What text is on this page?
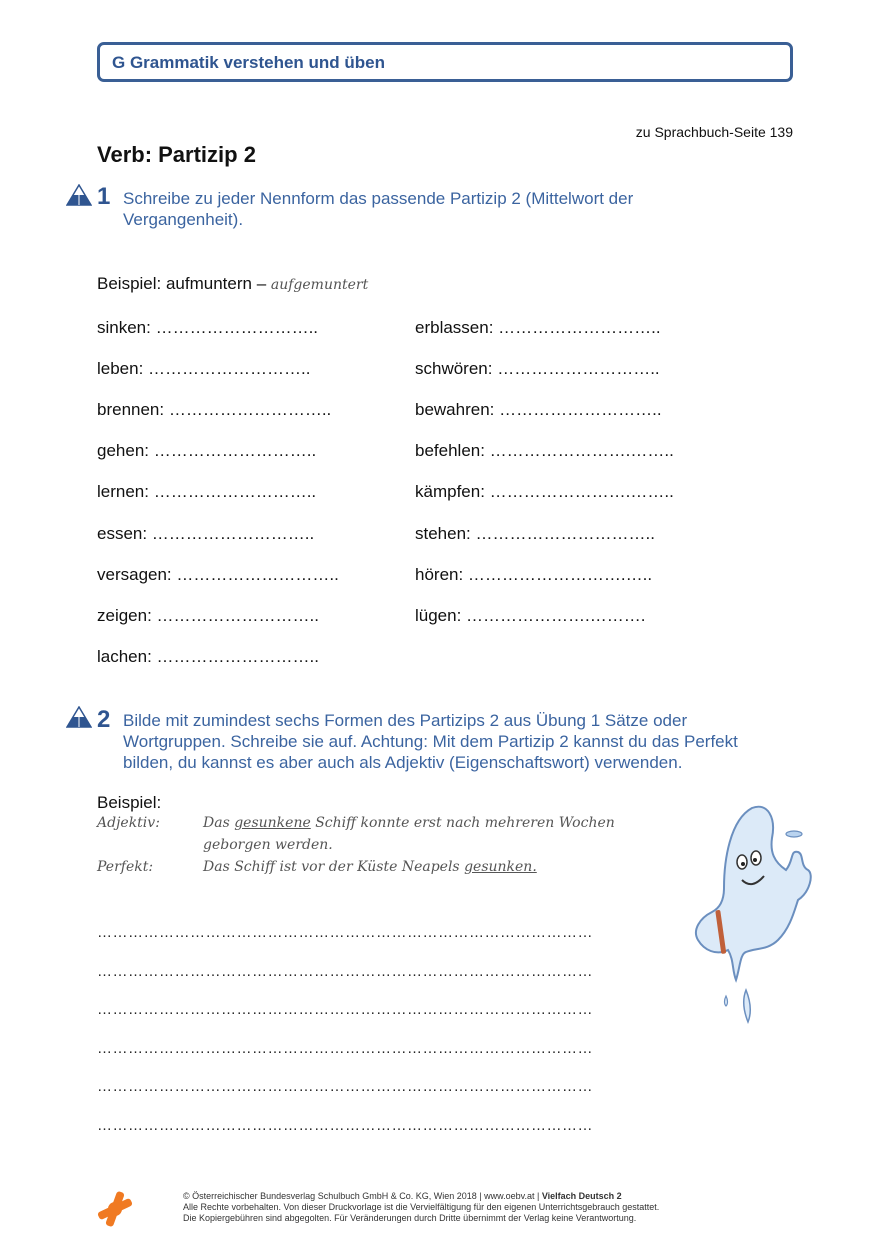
G Grammatik verstehen und üben
zu Sprachbuch-Seite 139
Verb: Partizip 2
1 Schreibe zu jeder Nennform das passende Partizip 2 (Mittelwort der Vergangenheit).
Beispiel: aufmuntern – aufgemuntert
sinken: ………………………..
leben: ………………………..
brennen: ………………………..
gehen: ………………………..
lernen: ………………………..
essen: ………………………..
versagen: ………………………..
zeigen: ………………………..
lachen: ………………………..
erblassen: ………………………..
schwören: ………………………..
bewahren: ………………………..
befehlen: …………………….……..
kämpfen: …………………….……..
stehen: …………………………..
hören: ……………………….…..
lügen: ………………….……….
2 Bilde mit zumindest sechs Formen des Partizips 2 aus Übung 1 Sätze oder Wortgruppen. Schreibe sie auf. Achtung: Mit dem Partizip 2 kannst du das Perfekt bilden, du kannst es aber auch als Adjektiv (Eigenschaftswort) verwenden.
Beispiel:
Adjektiv:	Das gesunkene Schiff konnte erst nach mehreren Wochen
geborgen werden.
Perfekt:	Das Schiff ist vor der Küste Neapels gesunken.
……………………………………………………………………………………
……………………………………………………………………………………
……………………………………………………………………………………
……………………………………………………………………………………
……………………………………………………………………………………
……………………………………………………………………………………
© Österreichischer Bundesverlag Schulbuch GmbH & Co. KG, Wien 2018 | www.oebv.at | Vielfach Deutsch 2
Alle Rechte vorbehalten. Von dieser Druckvorlage ist die Vervielfältigung für den eigenen Unterrichtsgebrauch gestattet.
Die Kopiergebühren sind abgegolten. Für Veränderungen durch Dritte übernimmt der Verlag keine Verantwortung.
